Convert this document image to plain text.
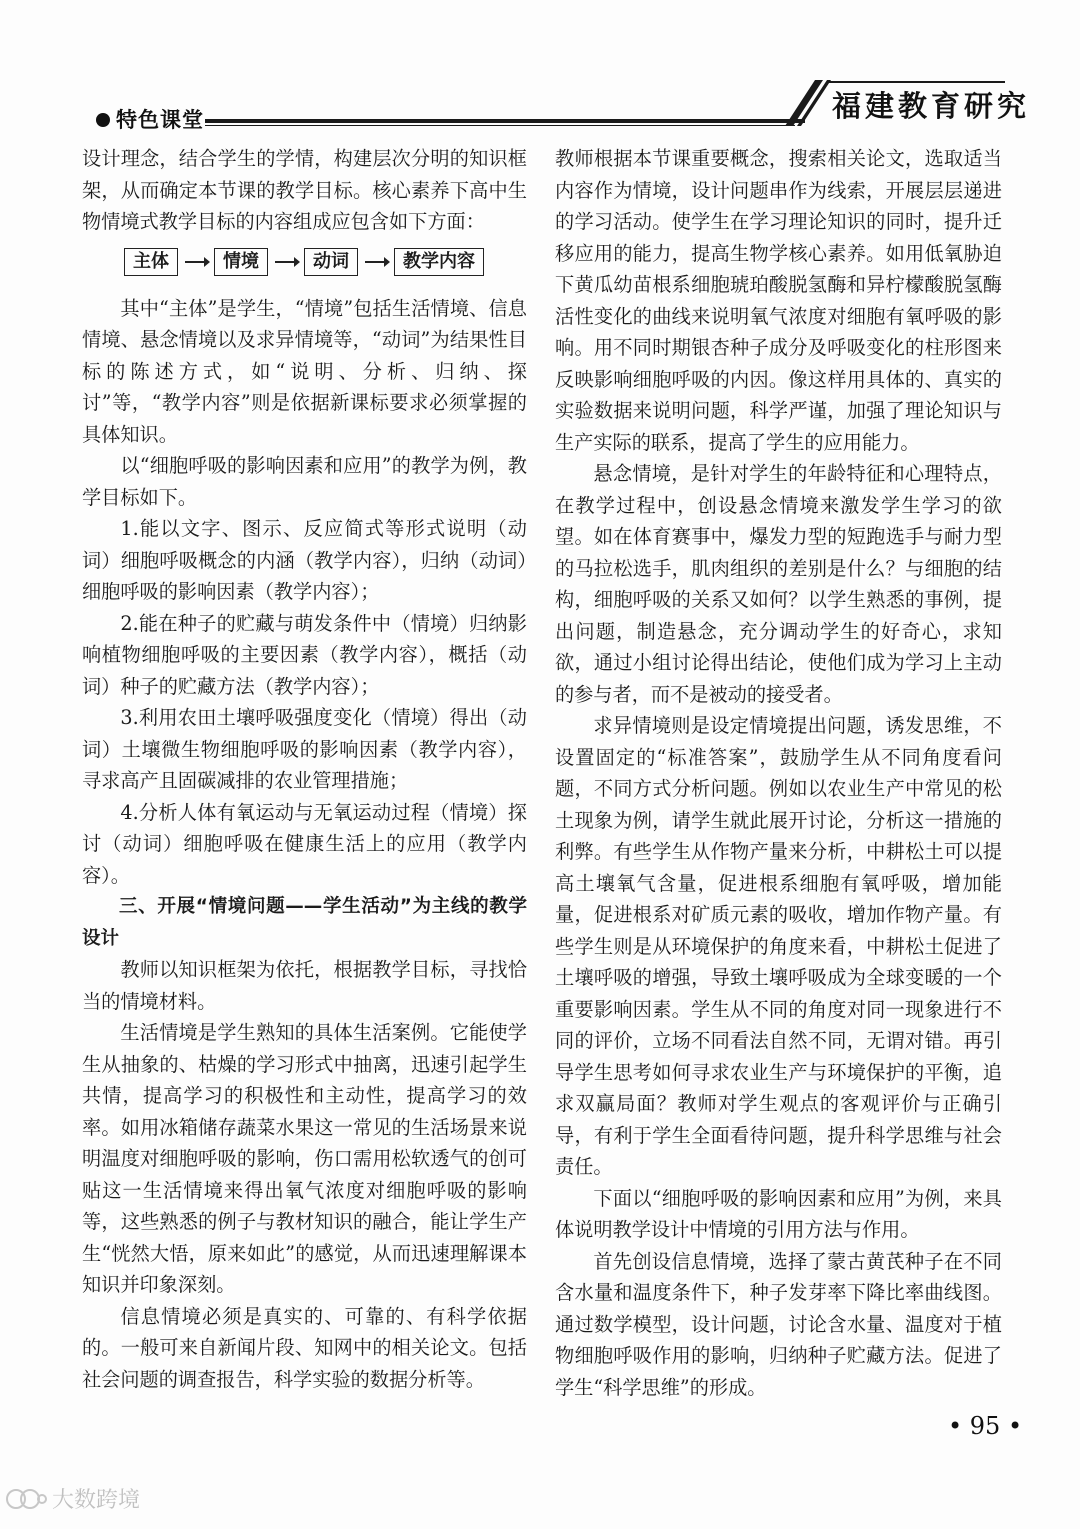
特色课堂	福建教育研究

设计理念，结合学生的学情，构建层次分明的知识框架，从而确定本节课的教学目标。核心素养下高中生物情境式教学目标的内容组成应包含如下方面：

主体	情境	动词	教学内容

其中“主体”是学生，“情境”包括生活情境、信息情境、悬念情境以及求异情境等，“动词”为结果性目标的陈述方式，如“说明、分析、归纳、探讨”等，“教学内容”则是依据新课标要求必须掌握的具体知识。

以“细胞呼吸的影响因素和应用”的教学为例，教学目标如下。

1.能以文字、图示、反应简式等形式说明（动词）细胞呼吸概念的内涵（教学内容），归纳（动词）细胞呼吸的影响因素（教学内容）；

2.能在种子的贮藏与萌发条件中（情境）归纳影响植物细胞呼吸的主要因素（教学内容），概括（动词）种子的贮藏方法（教学内容）；

3.利用农田土壤呼吸强度变化（情境）得出（动词）土壤微生物细胞呼吸的影响因素（教学内容），寻求高产且固碳减排的农业管理措施；

4.分析人体有氧运动与无氧运动过程（情境）探讨（动词）细胞呼吸在健康生活上的应用（教学内容）。

三、开展“情境问题——学生活动”为主线的教学设计

教师以知识框架为依托，根据教学目标，寻找恰当的情境材料。

生活情境是学生熟知的具体生活案例。它能使学生从抽象的、枯燥的学习形式中抽离，迅速引起学生共情，提高学习的积极性和主动性，提高学习的效率。如用冰箱储存蔬菜水果这一常见的生活场景来说明温度对细胞呼吸的影响，伤口需用松软透气的创可贴这一生活情境来得出氧气浓度对细胞呼吸的影响等，这些熟悉的例子与教材知识的融合，能让学生产生“恍然大悟，原来如此”的感觉，从而迅速理解课本知识并印象深刻。

信息情境必须是真实的、可靠的、有科学依据的。一般可来自新闻片段、知网中的相关论文。包括社会问题的调查报告，科学实验的数据分析等。

教师根据本节课重要概念，搜索相关论文，选取适当内容作为情境，设计问题串作为线索，开展层层递进的学习活动。使学生在学习理论知识的同时，提升迁移应用的能力，提高生物学核心素养。如用低氧胁迫下黄瓜幼苗根系细胞琥珀酸脱氢酶和异柠檬酸脱氢酶活性变化的曲线来说明氧气浓度对细胞有氧呼吸的影响。用不同时期银杏种子成分及呼吸变化的柱形图来反映影响细胞呼吸的内因。像这样用具体的、真实的实验数据来说明问题，科学严谨，加强了理论知识与生产实际的联系，提高了学生的应用能力。

悬念情境，是针对学生的年龄特征和心理特点，在教学过程中，创设悬念情境来激发学生学习的欲望。如在体育赛事中，爆发力型的短跑选手与耐力型的马拉松选手，肌肉组织的差别是什么？与细胞的结构，细胞呼吸的关系又如何？以学生熟悉的事例，提出问题，制造悬念，充分调动学生的好奇心，求知欲，通过小组讨论得出结论，使他们成为学习上主动的参与者，而不是被动的接受者。

求异情境则是设定情境提出问题，诱发思维，不设置固定的“标准答案”，鼓励学生从不同角度看问题，不同方式分析问题。例如以农业生产中常见的松土现象为例，请学生就此展开讨论，分析这一措施的利弊。有些学生从作物产量来分析，中耕松土可以提高土壤氧气含量，促进根系细胞有氧呼吸，增加能量，促进根系对矿质元素的吸收，增加作物产量。有些学生则是从环境保护的角度来看，中耕松土促进了土壤呼吸的增强，导致土壤呼吸成为全球变暖的一个重要影响因素。学生从不同的角度对同一现象进行不同的评价，立场不同看法自然不同，无谓对错。再引导学生思考如何寻求农业生产与环境保护的平衡，追求双赢局面？教师对学生观点的客观评价与正确引导，有利于学生全面看待问题，提升科学思维与社会责任。

下面以“细胞呼吸的影响因素和应用”为例，来具体说明教学设计中情境的引用方法与作用。

首先创设信息情境，选择了蒙古黄芪种子在不同含水量和温度条件下，种子发芽率下降比率曲线图。通过数学模型，设计问题，讨论含水量、温度对于植物细胞呼吸作用的影响，归纳种子贮藏方法。促进了学生“科学思维”的形成。

• 95 •
大数跨境
